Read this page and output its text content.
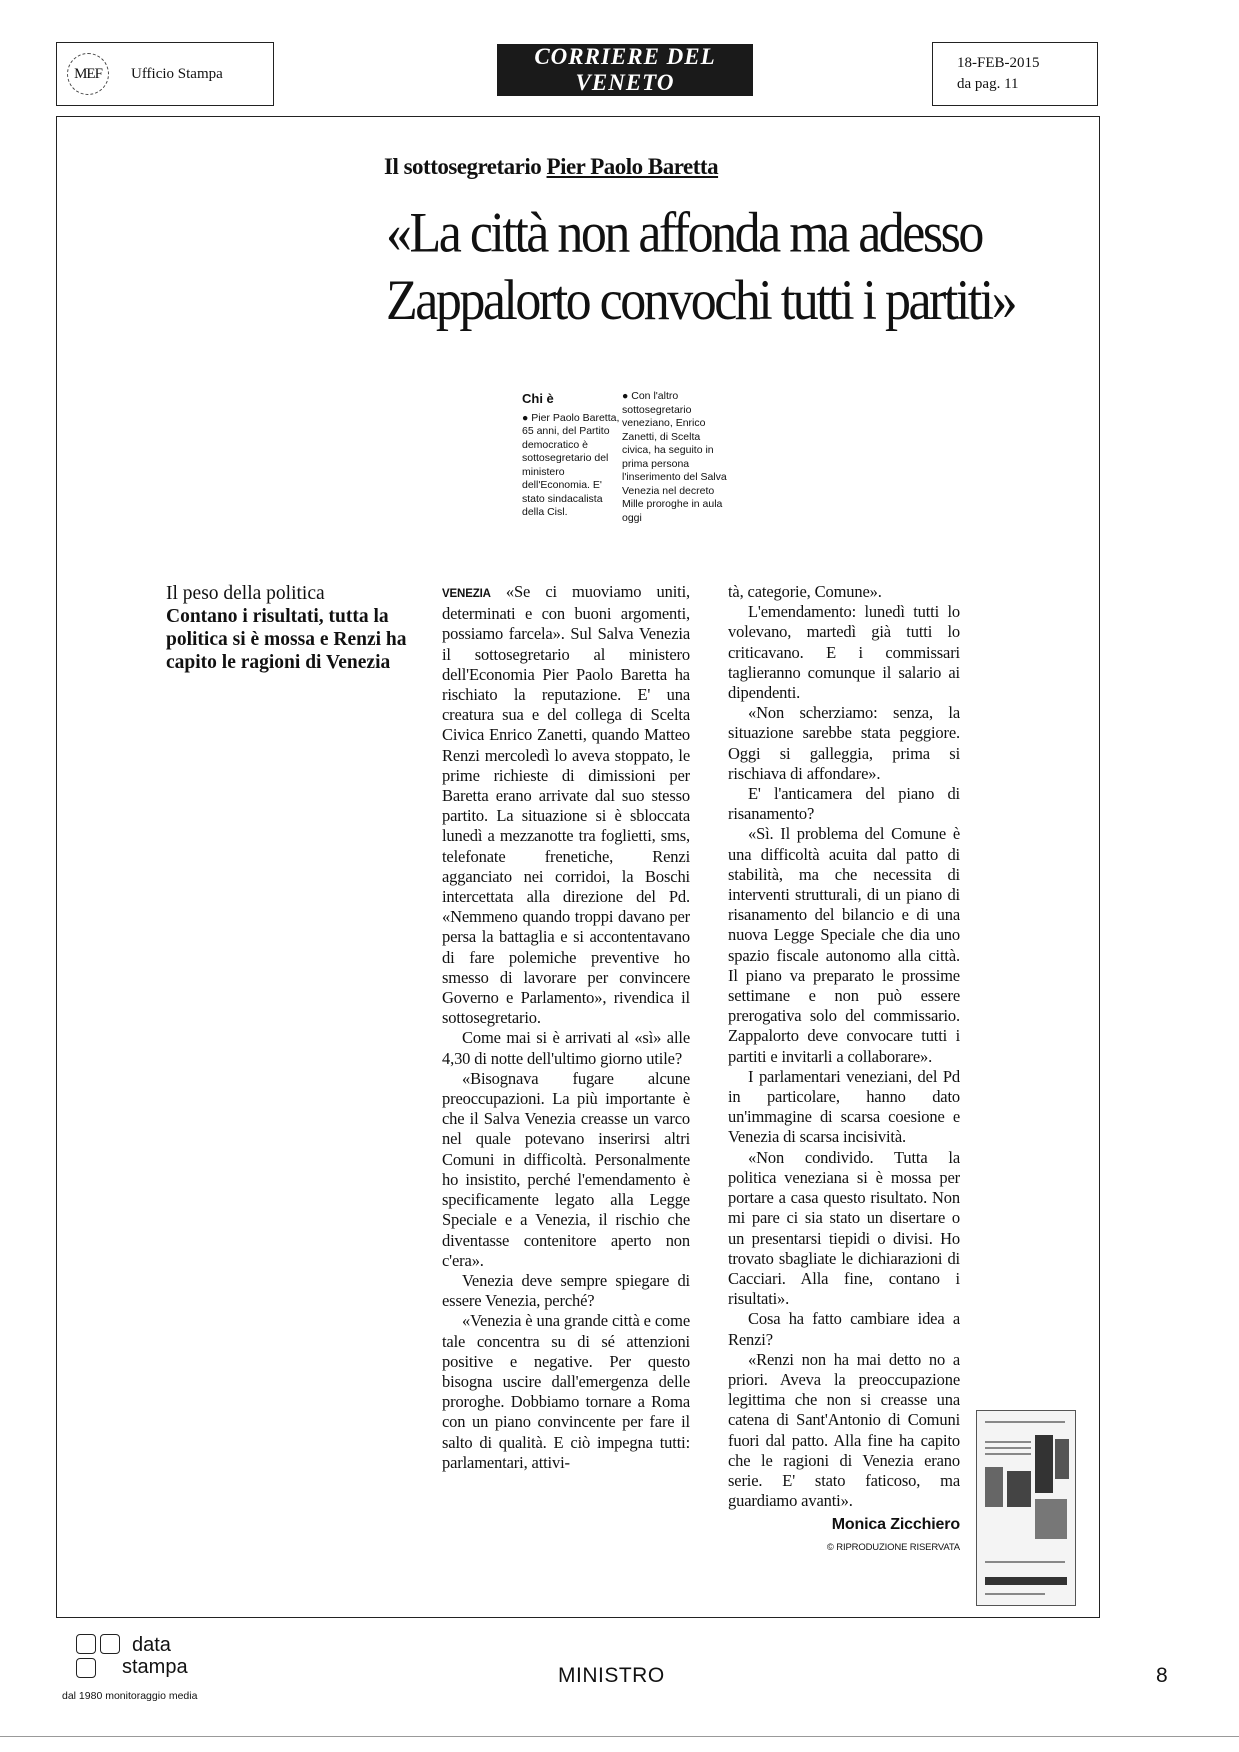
MEF Ufficio Stampa
CORRIERE DEL VENETO
VENEZIA E MESTRE
18-FEB-2015
da pag. 11
Il sottosegretario Pier Paolo Baretta
«La città non affonda ma adesso Zappalorto convochi tutti i partiti»
Chi è
● Pier Paolo Baretta, 65 anni, del Partito democratico è sottosegretario del ministero dell'Economia. E' stato sindacalista della Cisl.
● Con l'altro sottosegretario veneziano, Enrico Zanetti, di Scelta civica, ha seguito in prima persona l'inserimento del Salva Venezia nel decreto Mille proroghe in aula oggi
Il peso della politica
Contano i risultati, tutta la politica si è mossa e Renzi ha capito le ragioni di Venezia

VENEZIA «Se ci muoviamo uniti, determinati e con buoni argomenti, possiamo farcela». Sul Salva Venezia il sottosegretario al ministero dell'Economia Pier Paolo Baretta ha rischiato la reputazione. E' una creatura sua e del collega di Scelta Civica Enrico Zanetti, quando Matteo Renzi mercoledì lo aveva stoppato, le prime richieste di dimissioni per Baretta erano arrivate dal suo stesso partito. La situazione si è sbloccata lunedì a mezzanotte tra foglietti, sms, telefonate frenetiche, Renzi agganciato nei corridoi, la Boschi intercettata alla direzione del Pd. «Nemmeno quando troppi davano per persa la battaglia e si accontentavano di fare polemiche preventive ho smesso di lavorare per convincere Governo e Parlamento», rivendica il sottosegretario.

Come mai si è arrivati al «sì» alle 4,30 di notte dell'ultimo giorno utile?

«Bisognava fugare alcune preoccupazioni. La più importante è che il Salva Venezia creasse un varco nel quale potevano inserirsi altri Comuni in difficoltà. Personalmente ho insistito, perché l'emendamento è specificamente legato alla Legge Speciale e a Venezia, il rischio che diventasse contenitore aperto non c'era».

Venezia deve sempre spiegare di essere Venezia, perché?

«Venezia è una grande città e come tale concentra su di sé attenzioni positive e negative. Per questo bisogna uscire dall'emergenza delle proroghe. Dobbiamo tornare a Roma con un piano convincente per fare il salto di qualità. E ciò impegna tutti: parlamentari, attivi-

tà, categorie, Comune».

L'emendamento: lunedì tutti lo volevano, martedì già tutti lo criticavano. E i commissari taglieranno comunque il salario ai dipendenti.

«Non scherziamo: senza, la situazione sarebbe stata peggiore. Oggi si galleggia, prima si rischiava di affondare».

E' l'anticamera del piano di risanamento?

«Sì. Il problema del Comune è una difficoltà acuita dal patto di stabilità, ma che necessita di interventi strutturali, di un piano di risanamento del bilancio e di una nuova Legge Speciale che dia uno spazio fiscale autonomo alla città. Il piano va preparato le prossime settimane e non può essere prerogativa solo del commissario. Zappalorto deve convocare tutti i partiti e invitarli a collaborare».

I parlamentari veneziani, del Pd in particolare, hanno dato un'immagine di scarsa coesione e Venezia di scarsa incisività.

«Non condivido. Tutta la politica veneziana si è mossa per portare a casa questo risultato. Non mi pare ci sia stato un disertare o un presentarsi tiepidi o divisi. Ho trovato sbagliate le dichiarazioni di Cacciari. Alla fine, contano i risultati».

Cosa ha fatto cambiare idea a Renzi?

«Renzi non ha mai detto no a priori. Aveva la preoccupazione legittima che non si creasse una catena di Sant'Antonio di Comuni fuori dal patto. Alla fine ha capito che le ragioni di Venezia erano serie. E' stato faticoso, ma guardiamo avanti».

Monica Zicchiero
© RIPRODUZIONE RISERVATA
data
stampa
dal 1980 monitoraggio media
MINISTRO	8
